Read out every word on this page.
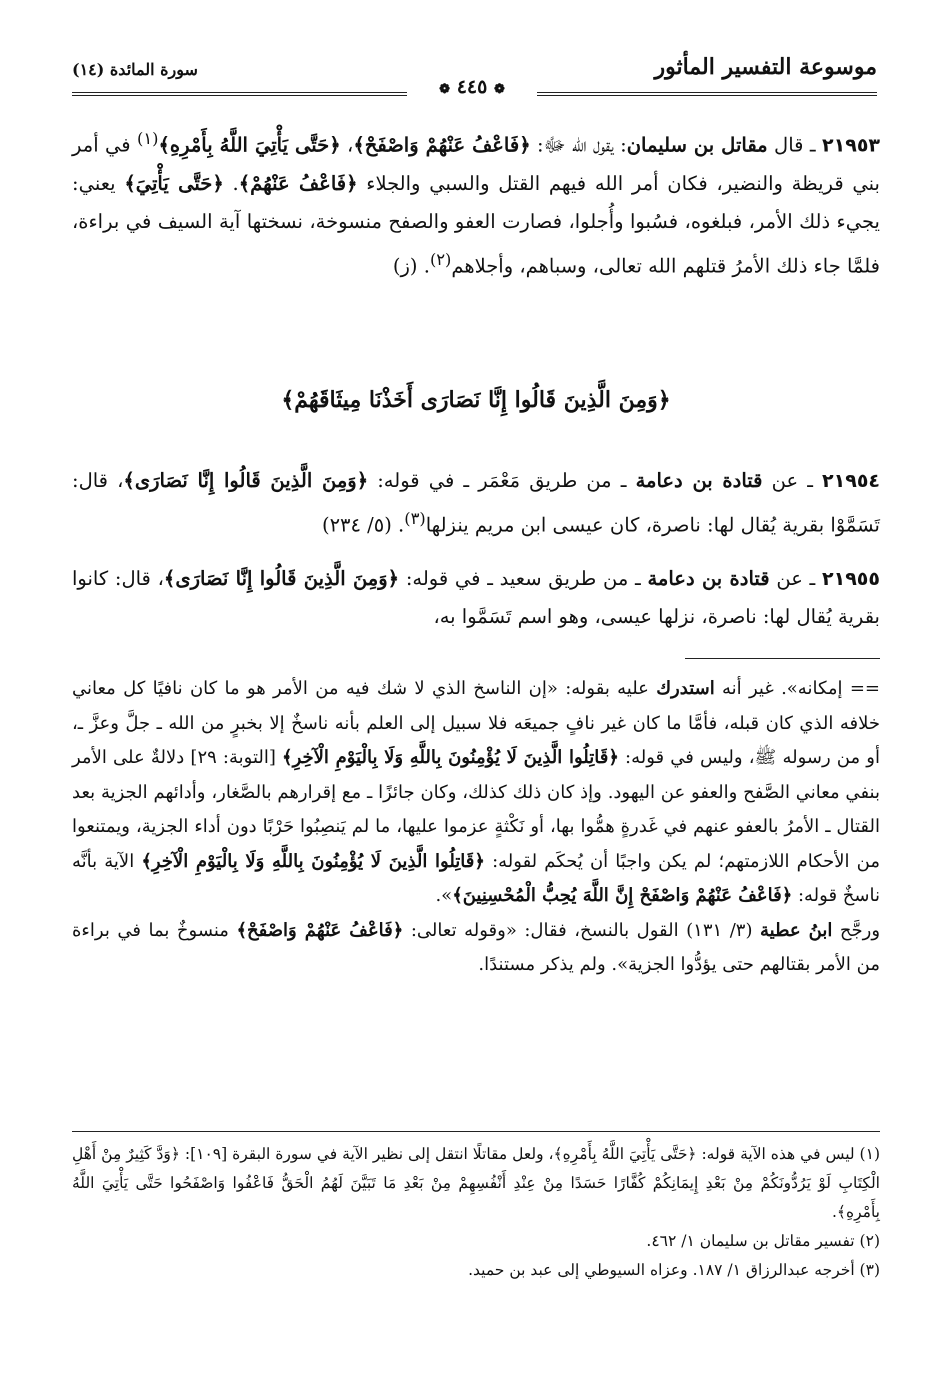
موسوعة التفسير المأثور
سورة المائدة (١٤)
❁ ٤٤٥ ❁

٢١٩٥٣ ـ قال مقاتل بن سليمان: يقول الله ﷻ: ﴿فَاعْفُ عَنْهُمْ وَاصْفَحْ﴾، ﴿حَتَّى يَأْتِيَ اللَّهُ بِأَمْرِهِ﴾$^{(١)}$ في أمر بني قريظة والنضير، فكان أمر الله فيهم القتل والسبي والجلاء ﴿فَاعْفُ عَنْهُمْ﴾. ﴿حَتَّى يَأْتِيَ﴾ يعني: يجيء ذلك الأمر، فبلغوه، فسُبوا وأُجلوا، فصارت العفو والصفح منسوخة، نسختها آية السيف في براءة، فلمَّا جاء ذلك الأمرُ قتلهم الله تعالى، وسباهم، وأجلاهم$^{(٢)}$. (ز)

﴿وَمِنَ الَّذِينَ قَالُوا إِنَّا نَصَارَى أَخَذْنَا مِيثَاقَهُمْ﴾

٢١٩٥٤ ـ عن قتادة بن دعامة ـ من طريق مَعْمَر ـ في قوله: ﴿وَمِنَ الَّذِينَ قَالُوا إِنَّا نَصَارَى﴾، قال: تَسَمَّوْا بقرية يُقال لها: ناصرة، كان عيسى ابن مريم ينزلها$^{(٣)}$. (٥/ ٢٣٤)

٢١٩٥٥ ـ عن قتادة بن دعامة ـ من طريق سعيد ـ في قوله: ﴿وَمِنَ الَّذِينَ قَالُوا إِنَّا نَصَارَى﴾، قال: كانوا بقرية يُقال لها: ناصرة، نزلها عيسى، وهو اسم تَسَمَّوا به،

== إمكانه». غير أنه استدرك عليه بقوله: «إن الناسخ الذي لا شك فيه من الأمر هو ما كان نافيًا كل معاني خلافه الذي كان قبله، فأمَّا ما كان غير نافٍ جميعَه فلا سبيل إلى العلم بأنه ناسخٌ إلا بخبرٍ من الله ـ جلَّ وعزَّ ـ، أو من رسوله ﷺ، وليس في قوله: ﴿قَاتِلُوا الَّذِينَ لَا يُؤْمِنُونَ بِاللَّهِ وَلَا بِالْيَوْمِ الْآخِرِ﴾ [التوبة: ٢٩] دلالةٌ على الأمر بنفي معاني الصَّفح والعفو عن اليهود. وإذ كان ذلك كذلك، وكان جائزًا ـ مع إقرارهم بالصَّغار، وأدائهم الجزية بعد القتال ـ الأمرُ بالعفو عنهم في غَدرةٍ همُّوا بها، أو نَكْثةٍ عزموا عليها، ما لم يَنصِبُوا حَرْبًا دون أداء الجزية، ويمتنعوا من الأحكام اللازمتهم؛ لم يكن واجبًا أن يُحكَم لقوله: ﴿قَاتِلُوا الَّذِينَ لَا يُؤْمِنُونَ بِاللَّهِ وَلَا بِالْيَوْمِ الْآخِرِ﴾ الآية بأنَّه ناسخٌ قوله: ﴿فَاعْفُ عَنْهُمْ وَاصْفَحْ إِنَّ اللَّهَ يُحِبُّ الْمُحْسِنِينَ﴾».

ورجَّح ابنُ عطية (٣/ ١٣١) القول بالنسخ، فقال: «وقوله تعالى: ﴿فَاعْفُ عَنْهُمْ وَاصْفَحْ﴾ منسوخٌ بما في براءة من الأمر بقتالهم حتى يؤدُّوا الجزية». ولم يذكر مستندًا.

(١) ليس في هذه الآية قوله: ﴿حَتَّى يَأْتِيَ اللَّهُ بِأَمْرِهِ﴾، ولعل مقاتلًا انتقل إلى نظير الآية في سورة البقرة [١٠٩]: ﴿وَدَّ كَثِيرٌ مِنْ أَهْلِ الْكِتَابِ لَوْ يَرُدُّونَكُمْ مِنْ بَعْدِ إِيمَانِكُمْ كُفَّارًا حَسَدًا مِنْ عِنْدِ أَنْفُسِهِمْ مِنْ بَعْدِ مَا تَبَيَّنَ لَهُمُ الْحَقُّ فَاعْفُوا وَاصْفَحُوا حَتَّى يَأْتِيَ اللَّهُ بِأَمْرِهِ﴾.

(٢) تفسير مقاتل بن سليمان ١/ ٤٦٢.

(٣) أخرجه عبدالرزاق ١/ ١٨٧. وعزاه السيوطي إلى عبد بن حميد.
